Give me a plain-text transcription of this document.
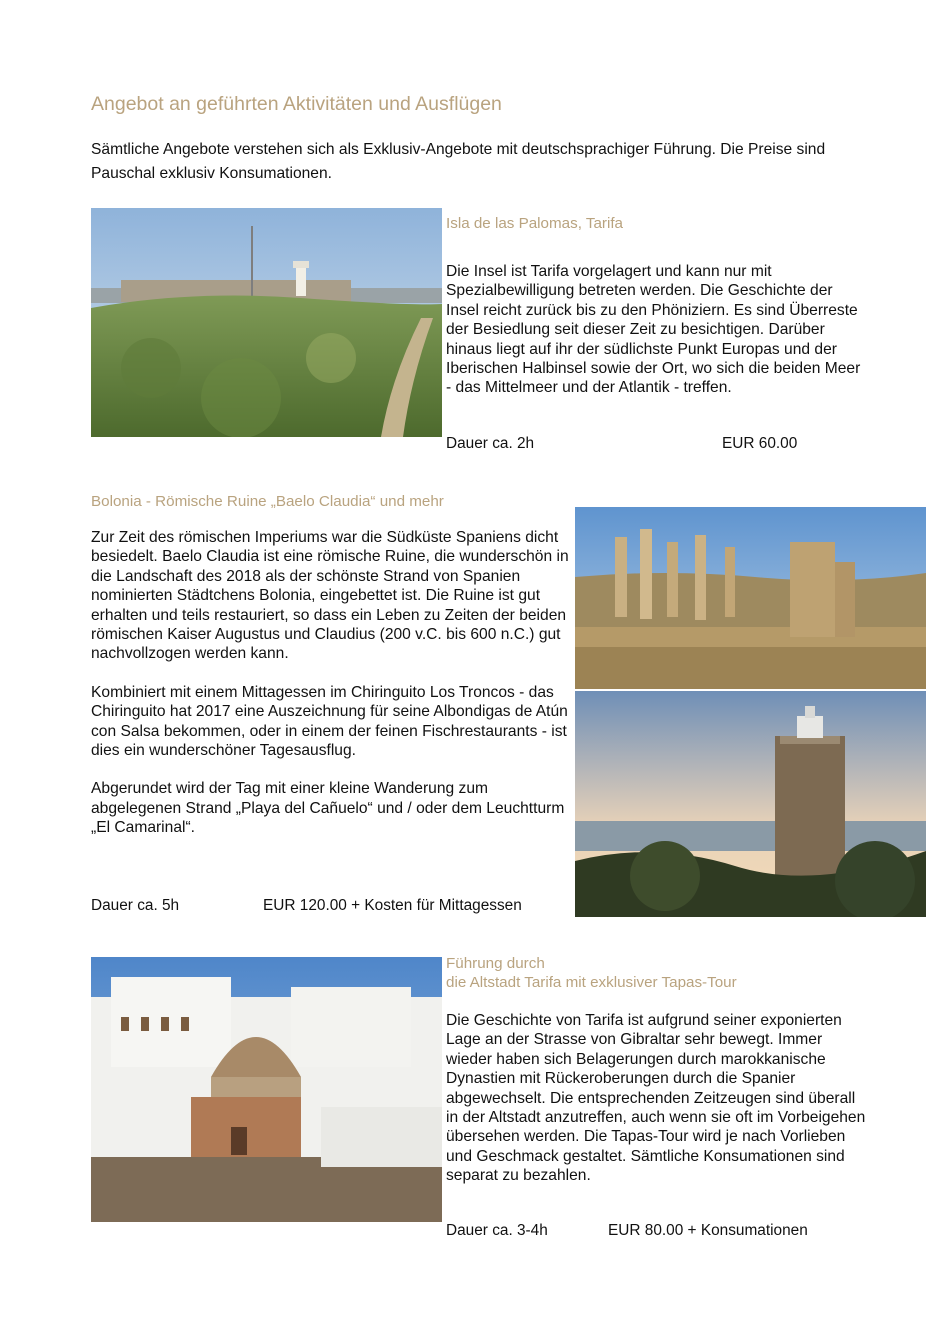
Angebot an geführten Aktivitäten und Ausflügen
Sämtliche Angebote verstehen sich als Exklusiv-Angebote mit deutschsprachiger Führung. Die Preise sind Pauschal exklusiv Konsumationen.
Isla de las Palomas, Tarifa
Die Insel ist Tarifa vorgelagert und kann nur mit Spezialbewilligung betreten werden. Die Geschichte der Insel reicht zurück bis zu den Phöniziern. Es sind Überreste der Besiedlung seit dieser Zeit zu besichtigen. Darüber hinaus liegt auf ihr der südlichste Punkt Europas und der Iberischen Halbinsel sowie der Ort, wo sich die beiden Meer - das Mittelmeer und der Atlantik - treffen.
Dauer ca. 2h	EUR 60.00
Bolonia - Römische Ruine „Baelo Claudia“ und mehr

Zur Zeit des römischen Imperiums war die Südküste Spaniens dicht besiedelt. Baelo Claudia ist eine römische Ruine, die wunderschön in die Landschaft des 2018 als der schönste Strand von Spanien nominierten Städtchens Bolonia, eingebettet ist. Die Ruine ist gut erhalten und teils restauriert, so dass ein Leben zu Zeiten der beiden römischen Kaiser Augustus und Claudius (200 v.C. bis 600 n.C.) gut nachvollzogen werden kann.

Kombiniert mit einem Mittagessen im Chiringuito Los Troncos - das Chiringuito hat 2017 eine Auszeichnung für seine Albondigas de Atún con Salsa bekommen, oder in einem der feinen Fischrestaurants - ist dies ein wunderschöner Tagesausflug.

Abgerundet wird der Tag mit einer kleine Wanderung zum abgelegenen Strand „Playa del Cañuelo“ und / oder dem Leuchtturm „El Camarinal“.

Dauer ca. 5h	EUR 120.00 + Kosten für Mittagessen
Führung durch
die Altstadt Tarifa mit exklusiver Tapas-Tour
Die Geschichte von Tarifa ist aufgrund seiner exponierten Lage an der Strasse von Gibraltar sehr bewegt. Immer wieder haben sich Belagerungen durch marokkanische Dynastien mit Rückeroberungen durch die Spanier abgewechselt. Die entsprechenden Zeitzeugen sind überall in der Altstadt anzutreffen, auch wenn sie oft im Vorbeigehen übersehen werden. Die Tapas-Tour wird je nach Vorlieben und Geschmack gestaltet. Sämtliche Konsumationen sind separat zu bezahlen.
Dauer ca. 3-4h	EUR 80.00 + Konsumationen
